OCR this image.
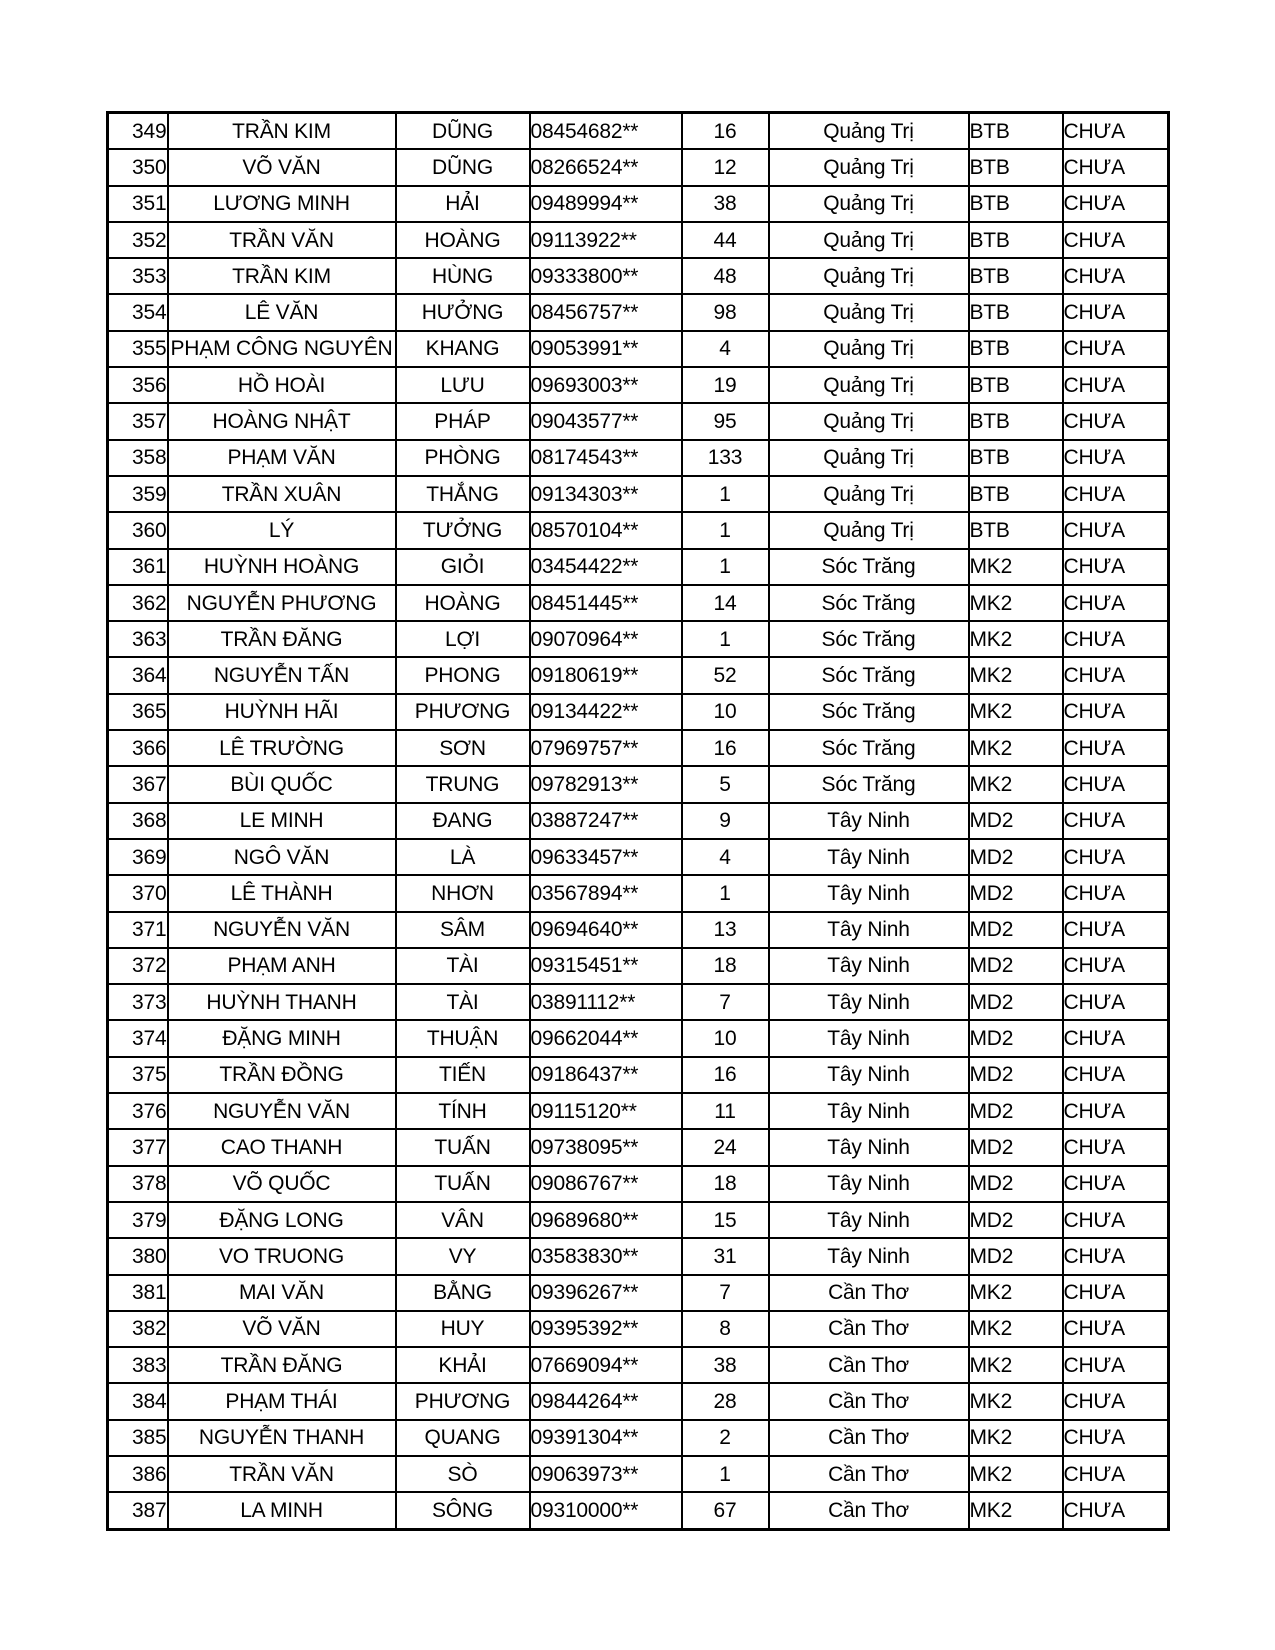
349	TRẦN KIM	DŨNG	08454682**	16	Quảng Trị	BTB	CHƯA
350	VÕ VĂN	DŨNG	08266524**	12	Quảng Trị	BTB	CHƯA
351	LƯƠNG MINH	HẢI	09489994**	38	Quảng Trị	BTB	CHƯA
352	TRẦN VĂN	HOÀNG	09113922**	44	Quảng Trị	BTB	CHƯA
353	TRẦN KIM	HÙNG	09333800**	48	Quảng Trị	BTB	CHƯA
354	LÊ VĂN	HƯỞNG	08456757**	98	Quảng Trị	BTB	CHƯA
355	PHẠM CÔNG NGUYÊN	KHANG	09053991**	4	Quảng Trị	BTB	CHƯA
356	HỒ HOÀI	LƯU	09693003**	19	Quảng Trị	BTB	CHƯA
357	HOÀNG NHẬT	PHÁP	09043577**	95	Quảng Trị	BTB	CHƯA
358	PHẠM VĂN	PHÒNG	08174543**	133	Quảng Trị	BTB	CHƯA
359	TRẦN XUÂN	THẮNG	09134303**	1	Quảng Trị	BTB	CHƯA
360	LÝ	TƯỞNG	08570104**	1	Quảng Trị	BTB	CHƯA
361	HUỲNH HOÀNG	GIỎI	03454422**	1	Sóc Trăng	MK2	CHƯA
362	NGUYỄN PHƯƠNG	HOÀNG	08451445**	14	Sóc Trăng	MK2	CHƯA
363	TRẦN ĐĂNG	LỢI	09070964**	1	Sóc Trăng	MK2	CHƯA
364	NGUYỄN TẤN	PHONG	09180619**	52	Sóc Trăng	MK2	CHƯA
365	HUỲNH HÃI	PHƯƠNG	09134422**	10	Sóc Trăng	MK2	CHƯA
366	LÊ TRƯỜNG	SƠN	07969757**	16	Sóc Trăng	MK2	CHƯA
367	BÙI QUỐC	TRUNG	09782913**	5	Sóc Trăng	MK2	CHƯA
368	LE MINH	ĐANG	03887247**	9	Tây Ninh	MD2	CHƯA
369	NGÔ VĂN	LÀ	09633457**	4	Tây Ninh	MD2	CHƯA
370	LÊ THÀNH	NHƠN	03567894**	1	Tây Ninh	MD2	CHƯA
371	NGUYỄN VĂN	SÂM	09694640**	13	Tây Ninh	MD2	CHƯA
372	PHẠM ANH	TÀI	09315451**	18	Tây Ninh	MD2	CHƯA
373	HUỲNH THANH	TÀI	03891112**	7	Tây Ninh	MD2	CHƯA
374	ĐẶNG MINH	THUẬN	09662044**	10	Tây Ninh	MD2	CHƯA
375	TRẦN ĐỒNG	TIẾN	09186437**	16	Tây Ninh	MD2	CHƯA
376	NGUYỄN VĂN	TÍNH	09115120**	11	Tây Ninh	MD2	CHƯA
377	CAO THANH	TUẤN	09738095**	24	Tây Ninh	MD2	CHƯA
378	VÕ QUỐC	TUẤN	09086767**	18	Tây Ninh	MD2	CHƯA
379	ĐẶNG LONG	VÂN	09689680**	15	Tây Ninh	MD2	CHƯA
380	VO TRUONG	VY	03583830**	31	Tây Ninh	MD2	CHƯA
381	MAI VĂN	BẰNG	09396267**	7	Cần Thơ	MK2	CHƯA
382	VÕ VĂN	HUY	09395392**	8	Cần Thơ	MK2	CHƯA
383	TRẦN ĐĂNG	KHẢI	07669094**	38	Cần Thơ	MK2	CHƯA
384	PHẠM THÁI	PHƯƠNG	09844264**	28	Cần Thơ	MK2	CHƯA
385	NGUYỄN THANH	QUANG	09391304**	2	Cần Thơ	MK2	CHƯA
386	TRẦN VĂN	SÒ	09063973**	1	Cần Thơ	MK2	CHƯA
387	LA MINH	SÔNG	09310000**	67	Cần Thơ	MK2	CHƯA
